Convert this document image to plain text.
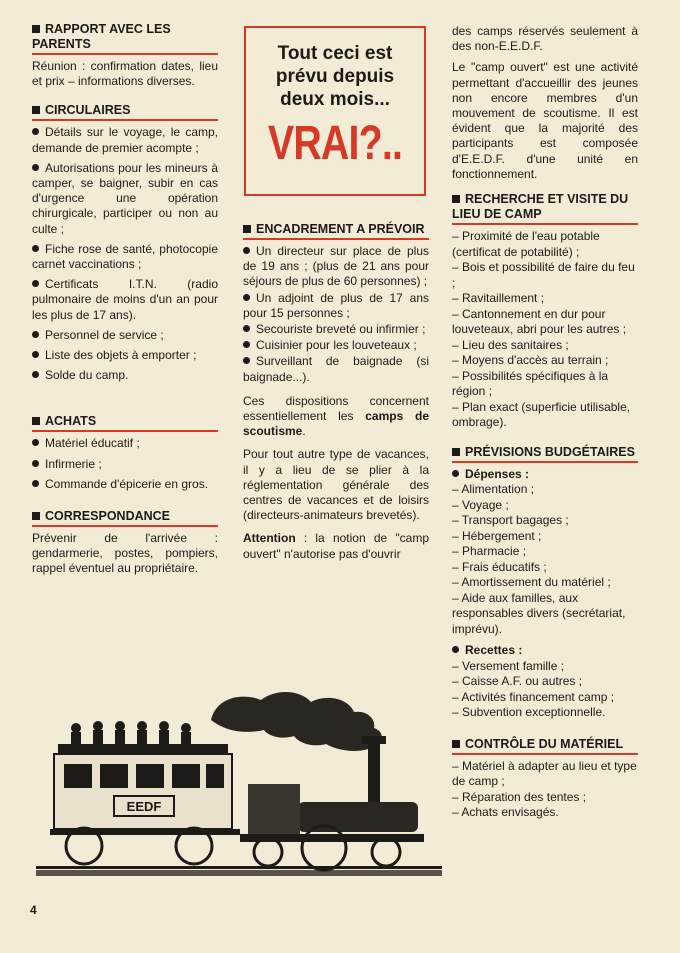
RAPPORT AVEC LES PARENTS

Réunion : confirmation dates, lieu et prix – informations diverses.

CIRCULAIRES

Détails sur le voyage, le camp, demande de premier acompte ;

Autorisations pour les mineurs à camper, se baigner, subir en cas d'urgence une opération chirurgicale, participer ou non au culte ;

Fiche rose de santé, photocopie carnet vaccinations ;

Certificats I.T.N. (radio pulmonaire de moins d'un an pour les plus de 17 ans).

Personnel de service ;

Liste des objets à emporter ;

Solde du camp.

ACHATS

Matériel éducatif ;

Infirmerie ;

Commande d'épicerie en gros.

CORRESPONDANCE

Prévenir de l'arrivée : gendarmerie, postes, pompiers, rappel éventuel au propriétaire.

Tout ceci est
prévu depuis
deux mois...
VRAI?..
ENCADREMENT A PRÉVOIR

Un directeur sur place de plus de 19 ans ; (plus de 21 ans pour séjours de plus de 60 personnes) ;

Un adjoint de plus de 17 ans pour 15 personnes ;

Secouriste breveté ou infirmier ;

Cuisinier pour les louveteaux ;

Surveillant de baignade (si baignade...).

Ces dispositions concernent essentiellement les camps de scoutisme.

Pour tout autre type de vacances, il y a lieu de se plier à la réglementation générale des centres de vacances et de loisirs (directeurs-animateurs brevetés).

Attention : la notion de "camp ouvert" n'autorise pas d'ouvrir

des camps réservés seulement à des non-E.E.D.F.

Le "camp ouvert" est une activité permettant d'accueillir des jeunes non encore membres d'un mouvement de scoutisme. Il est évident que la majorité des participants est composée d'E.E.D.F. d'une unité en fonctionnement.

RECHERCHE ET VISITE DU LIEU DE CAMP

– Proximité de l'eau potable (certificat de potabilité) ;

– Bois et possibilité de faire du feu ;

– Ravitaillement ;

– Cantonnement en dur pour louveteaux, abri pour les autres ;

– Lieu des sanitaires ;

– Moyens d'accès au terrain ;

– Possibilités spécifiques à la région ;

– Plan exact (superficie utilisable, ombrage).

PRÉVISIONS BUDGÉTAIRES

Dépenses :

– Alimentation ;

– Voyage ;

– Transport bagages ;

– Hébergement ;

– Pharmacie ;

– Frais éducatifs ;

– Amortissement du matériel ;

– Aide aux familles, aux responsables divers (secrétariat, imprévu).

Recettes :

– Versement famille ;

– Caisse A.F. ou autres ;

– Activités financement camp ;

– Subvention exceptionnelle.

CONTRÔLE DU MATÉRIEL

– Matériel à adapter au lieu et type de camp ;

– Réparation des tentes ;

– Achats envisagés.

EEDF
4
